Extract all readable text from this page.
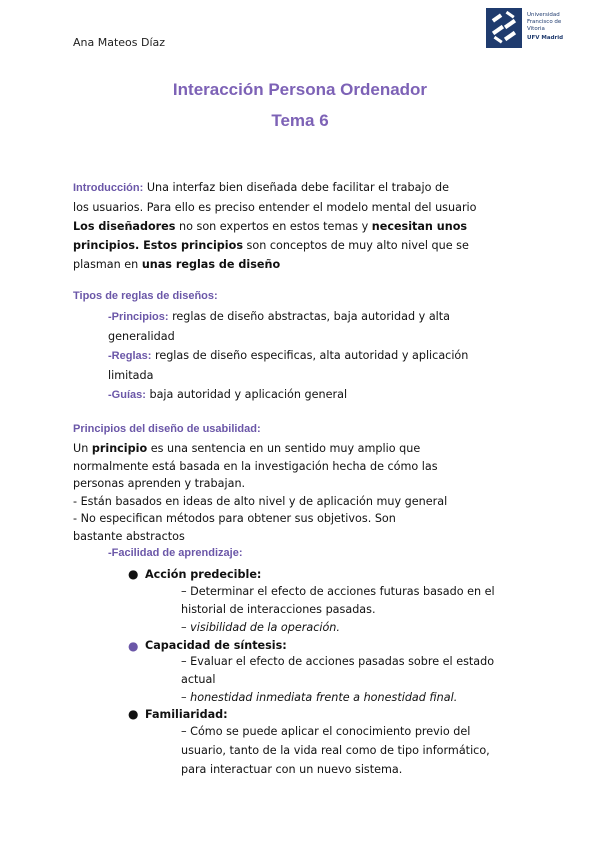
Ana Mateos Díaz
Universidad
Francisco de
Vitoria
UFV Madrid
Interacción Persona Ordenador
Tema 6
Introducción: Una interfaz bien diseñada debe facilitar el trabajo de
los usuarios. Para ello es preciso entender el modelo mental del usuario
Los diseñadores no son expertos en estos temas y necesitan unos
principios. Estos principios son conceptos de muy alto nivel que se
plasman en unas reglas de diseño
Tipos de reglas de diseños:
-Principios: reglas de diseño abstractas, baja autoridad y alta
generalidad
-Reglas: reglas de diseño especificas, alta autoridad y aplicación
limitada
-Guías: baja autoridad y aplicación general
Principios del diseño de usabilidad:
Un principio es una sentencia en un sentido muy amplio que
normalmente está basada en la investigación hecha de cómo las
personas aprenden y trabajan.
- Están basados en ideas de alto nivel y de aplicación muy general
- No especifican métodos para obtener sus objetivos. Son
bastante abstractos
-Facilidad de aprendizaje:
● Acción predecible:
– Determinar el efecto de acciones futuras basado en el
historial de interacciones pasadas.
– visibilidad de la operación.
● Capacidad de síntesis:
– Evaluar el efecto de acciones pasadas sobre el estado
actual
– honestidad inmediata frente a honestidad final.
● Familiaridad:
– Cómo se puede aplicar el conocimiento previo del
usuario, tanto de la vida real como de tipo informático,
para interactuar con un nuevo sistema.
